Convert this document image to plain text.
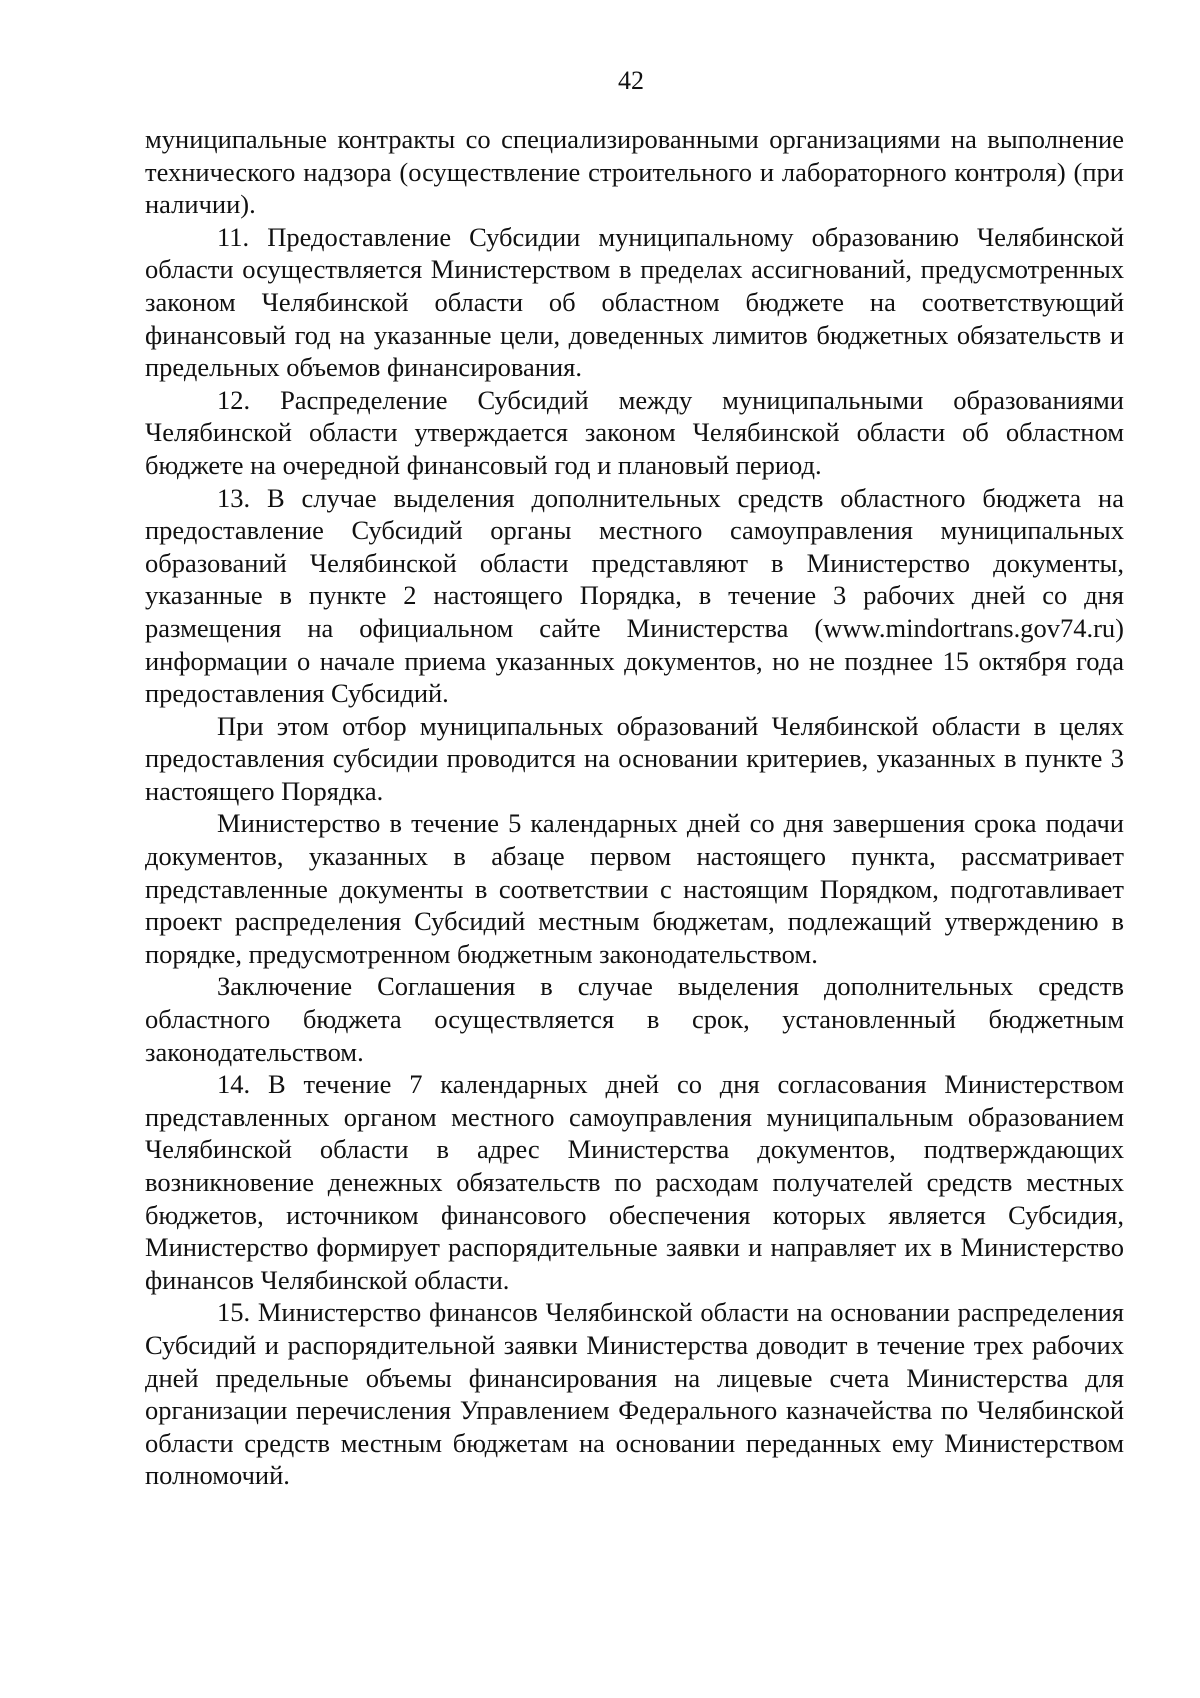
42

муниципальные контракты со специализированными организациями на выполнение технического надзора (осуществление строительного и лабораторного контроля) (при наличии).

11. Предоставление Субсидии муниципальному образованию Челябинской области осуществляется Министерством в пределах ассигнований, предусмотренных законом Челябинской области об областном бюджете на соответствующий финансовый год на указанные цели, доведенных лимитов бюджетных обязательств и предельных объемов финансирования.

12. Распределение Субсидий между муниципальными образованиями Челябинской области утверждается законом Челябинской области об областном бюджете на очередной финансовый год и плановый период.

13. В случае выделения дополнительных средств областного бюджета на предоставление Субсидий органы местного самоуправления муниципальных образований Челябинской области представляют в Министерство документы, указанные в пункте 2 настоящего Порядка, в течение 3 рабочих дней со дня размещения на официальном сайте Министерства (www.mindortrans.gov74.ru) информации о начале приема указанных документов, но не позднее 15 октября года предоставления Субсидий.

При этом отбор муниципальных образований Челябинской области в целях предоставления субсидии проводится на основании критериев, указанных в пункте 3 настоящего Порядка.

Министерство в течение 5 календарных дней со дня завершения срока подачи документов, указанных в абзаце первом настоящего пункта, рассматривает представленные документы в соответствии с настоящим Порядком, подготавливает проект распределения Субсидий местным бюджетам, подлежащий утверждению в порядке, предусмотренном бюджетным законодательством.

Заключение Соглашения в случае выделения дополнительных средств областного бюджета осуществляется в срок, установленный бюджетным законодательством.

14. В течение 7 календарных дней со дня согласования Министерством представленных органом местного самоуправления муниципальным образованием Челябинской области в адрес Министерства документов, подтверждающих возникновение денежных обязательств по расходам получателей средств местных бюджетов, источником финансового обеспечения которых является Субсидия, Министерство формирует распорядительные заявки и направляет их в Министерство финансов Челябинской области.

15. Министерство финансов Челябинской области на основании распределения Субсидий и распорядительной заявки Министерства доводит в течение трех рабочих дней предельные объемы финансирования на лицевые счета Министерства для организации перечисления Управлением Федерального казначейства по Челябинской области средств местным бюджетам на основании переданных ему Министерством полномочий.
